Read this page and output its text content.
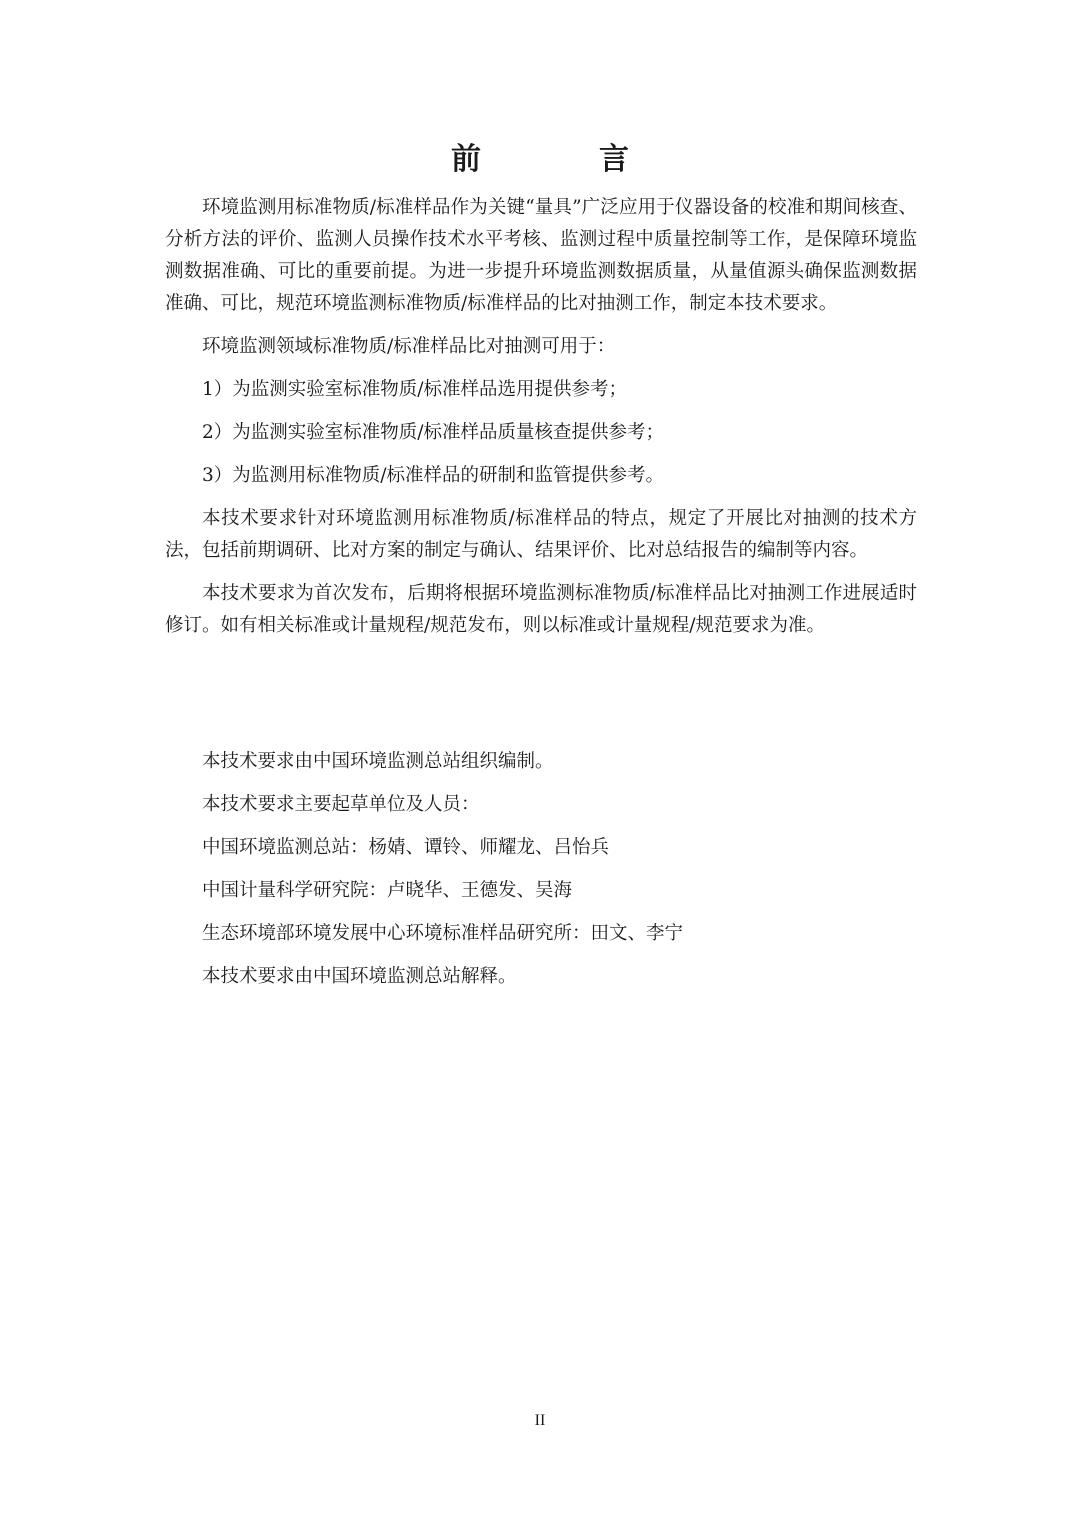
前　言

环境监测用标准物质/标准样品作为关键“量具”广泛应用于仪器设备的校准和期间核查、分析方法的评价、监测人员操作技术水平考核、监测过程中质量控制等工作，是保障环境监测数据准确、可比的重要前提。为进一步提升环境监测数据质量，从量值源头确保监测数据准确、可比，规范环境监测标准物质/标准样品的比对抽测工作，制定本技术要求。

环境监测领域标准物质/标准样品比对抽测可用于：

1）为监测实验室标准物质/标准样品选用提供参考；

2）为监测实验室标准物质/标准样品质量核查提供参考；

3）为监测用标准物质/标准样品的研制和监管提供参考。

本技术要求针对环境监测用标准物质/标准样品的特点，规定了开展比对抽测的技术方法，包括前期调研、比对方案的制定与确认、结果评价、比对总结报告的编制等内容。

本技术要求为首次发布，后期将根据环境监测标准物质/标准样品比对抽测工作进展适时修订。如有相关标准或计量规程/规范发布，则以标准或计量规程/规范要求为准。

本技术要求由中国环境监测总站组织编制。

本技术要求主要起草单位及人员：

中国环境监测总站：杨婧、谭铃、师耀龙、吕怡兵

中国计量科学研究院：卢晓华、王德发、吴海

生态环境部环境发展中心环境标准样品研究所：田文、李宁

本技术要求由中国环境监测总站解释。

II
